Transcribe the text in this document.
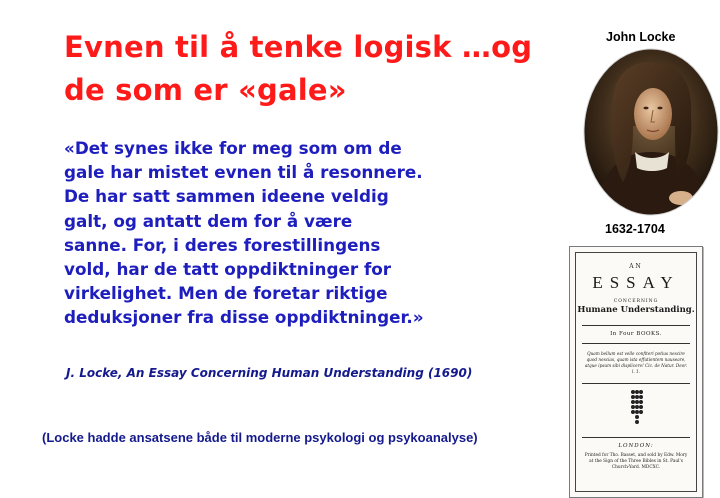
Evnen til å tenke logisk …og
de som er «gale»
«Det synes ikke for meg som om de
gale har mistet evnen til å resonnere.
De har satt sammen ideene veldig
galt, og antatt dem for å være
sanne. For, i deres forestillingens
vold, har de tatt oppdiktninger for
virkelighet. Men de foretar riktige
deduksjoner fra disse oppdiktninger.»
J. Locke, An Essay Concerning Human Understanding (1690)
(Locke hadde ansatsene både til moderne psykologi og psykoanalyse)
John Locke
1632-1704
AN
ESSAY
CONCERNING
Humane Understanding.
In Four BOOKS.
Quam bellum est velle confiteri potius nescire quod nescias, quam ista effutientem nauseare, atque ipsum sibi displicere! Cic. de Natur. Deor. l. 1.
LONDON:
Printed for Tho. Basset, and sold by Edw. Mory at the Sign of the Three Bibles in St. Paul's Church-Yard. MDCXC.
